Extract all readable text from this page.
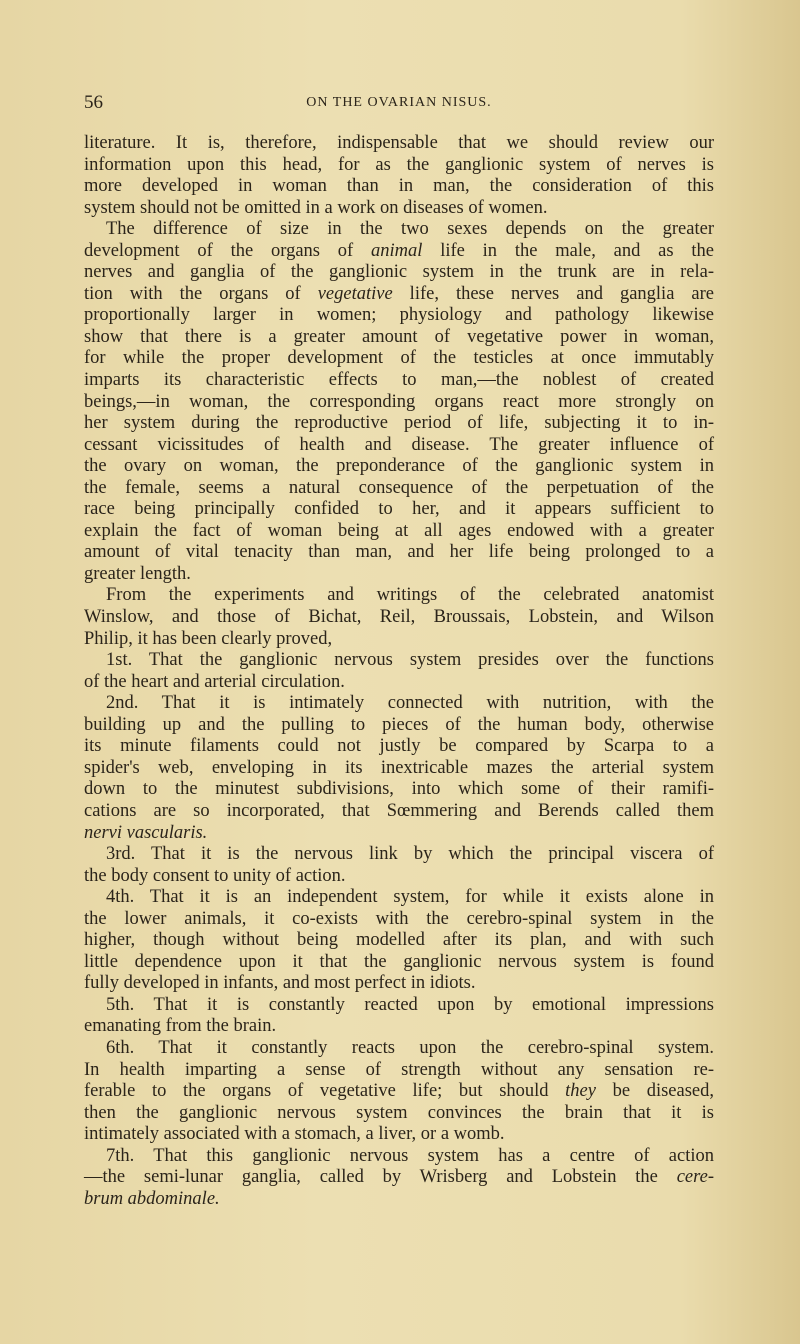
56	ON THE OVARIAN NISUS.
literature. It is, therefore, indispensable that we should review our
information upon this head, for as the ganglionic system of nerves is
more developed in woman than in man, the consideration of this
system should not be omitted in a work on diseases of women.
The difference of size in the two sexes depends on the greater
development of the organs of animal life in the male, and as the
nerves and ganglia of the ganglionic system in the trunk are in rela-
tion with the organs of vegetative life, these nerves and ganglia are
proportionally larger in women; physiology and pathology likewise
show that there is a greater amount of vegetative power in woman,
for while the proper development of the testicles at once immutably
imparts its characteristic effects to man,—the noblest of created
beings,—in woman, the corresponding organs react more strongly on
her system during the reproductive period of life, subjecting it to in-
cessant vicissitudes of health and disease. The greater influence of
the ovary on woman, the preponderance of the ganglionic system in
the female, seems a natural consequence of the perpetuation of the
race being principally confided to her, and it appears sufficient to
explain the fact of woman being at all ages endowed with a greater
amount of vital tenacity than man, and her life being prolonged to a
greater length.
From the experiments and writings of the celebrated anatomist
Winslow, and those of Bichat, Reil, Broussais, Lobstein, and Wilson
Philip, it has been clearly proved,
1st. That the ganglionic nervous system presides over the functions
of the heart and arterial circulation.
2nd. That it is intimately connected with nutrition, with the
building up and the pulling to pieces of the human body, otherwise
its minute filaments could not justly be compared by Scarpa to a
spider's web, enveloping in its inextricable mazes the arterial system
down to the minutest subdivisions, into which some of their ramifi-
cations are so incorporated, that Sœmmering and Berends called them
nervi vascularis.
3rd. That it is the nervous link by which the principal viscera of
the body consent to unity of action.
4th. That it is an independent system, for while it exists alone in
the lower animals, it co-exists with the cerebro-spinal system in the
higher, though without being modelled after its plan, and with such
little dependence upon it that the ganglionic nervous system is found
fully developed in infants, and most perfect in idiots.
5th. That it is constantly reacted upon by emotional impressions
emanating from the brain.
6th. That it constantly reacts upon the cerebro-spinal system.
In health imparting a sense of strength without any sensation re-
ferable to the organs of vegetative life; but should they be diseased,
then the ganglionic nervous system convinces the brain that it is
intimately associated with a stomach, a liver, or a womb.
7th. That this ganglionic nervous system has a centre of action
—the semi-lunar ganglia, called by Wrisberg and Lobstein the cere-
brum abdominale.
